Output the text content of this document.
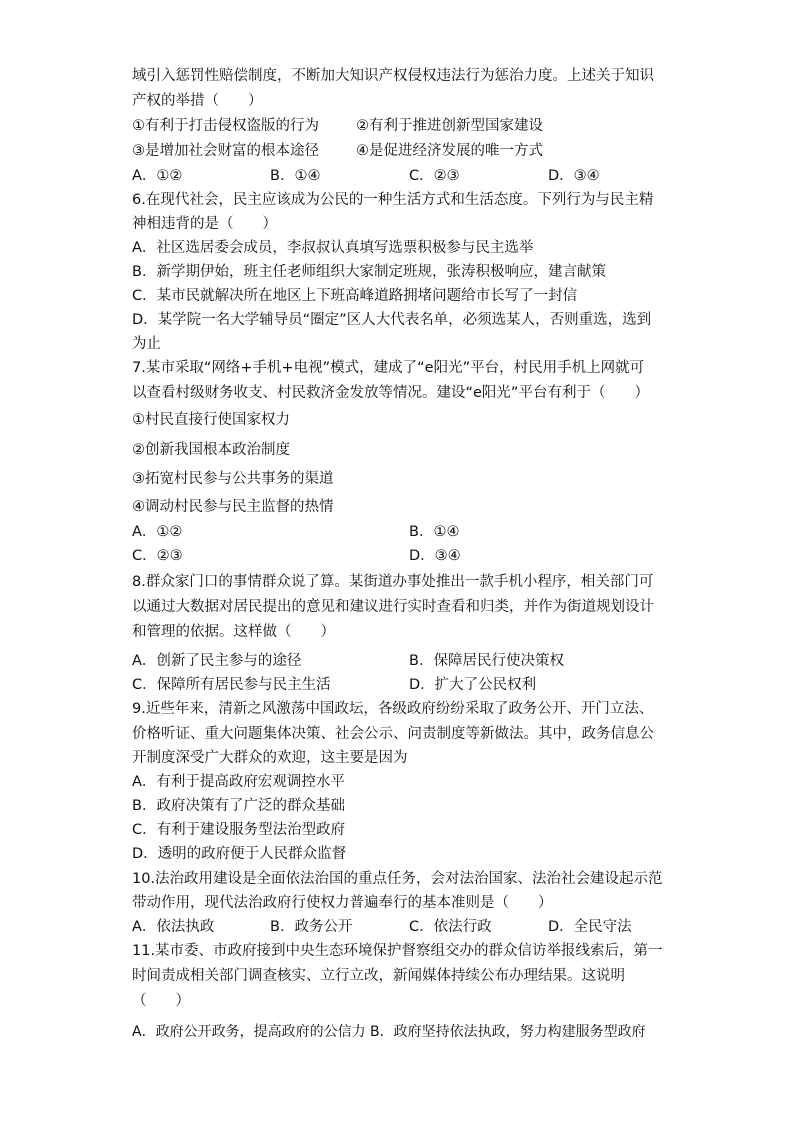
域引入惩罚性赔偿制度，不断加大知识产权侵权违法行为惩治力度。上述关于知识
产权的举措（　　）
①有利于打击侵权盗版的行为	②有利于推进创新型国家建设
③是增加社会财富的根本途径	④是促进经济发展的唯一方式
A．①②	B．①④	C．②③	D．③④
6.在现代社会，民主应该成为公民的一种生活方式和生活态度。下列行为与民主精
神相违背的是（　　）
A．社区选居委会成员，李叔叔认真填写选票积极参与民主选举
B．新学期伊始，班主任老师组织大家制定班规，张涛积极响应，建言献策
C．某市民就解决所在地区上下班高峰道路拥堵问题给市长写了一封信
D．某学院一名大学辅导员“圈定”区人大代表名单，必须选某人，否则重选，选到
为止
7.某市采取“网络+手机+电视”模式，建成了“e阳光”平台，村民用手机上网就可
以查看村级财务收支、村民救济金发放等情况。建设“e阳光”平台有利于（　　）
①村民直接行使国家权力
②创新我国根本政治制度
③拓宽村民参与公共事务的渠道
④调动村民参与民主监督的热情
A．①②	B．①④
C．②③	D．③④
8.群众家门口的事情群众说了算。某街道办事处推出一款手机小程序，相关部门可
以通过大数据对居民提出的意见和建议进行实时查看和归类，并作为街道规划设计
和管理的依据。这样做（　　）
A．创新了民主参与的途径	B．保障居民行使决策权
C．保障所有居民参与民主生活	D．扩大了公民权利
9.近些年来，清新之风激荡中国政坛，各级政府纷纷采取了政务公开、开门立法、
价格听证、重大问题集体决策、社会公示、问责制度等新做法。其中，政务信息公
开制度深受广大群众的欢迎，这主要是因为
A．有利于提高政府宏观调控水平
B．政府决策有了广泛的群众基础
C．有利于建设服务型法治型政府
D．透明的政府便于人民群众监督
10.法治政用建设是全面依法治国的重点任务，会对法治国家、法治社会建设起示范
带动作用，现代法治政府行使权力普遍奉行的基本准则是（　　）
A．依法执政	B．政务公开	C．依法行政	D．全民守法
11.某市委、市政府接到中央生态环境保护督察组交办的群众信访举报线索后，第一
时间责成相关部门调查核实、立行立改，新闻媒体持续公布办理结果。这说明
（　　）
A．政府公开政务，提高政府的公信力 B．政府坚持依法执政，努力构建服务型政府
